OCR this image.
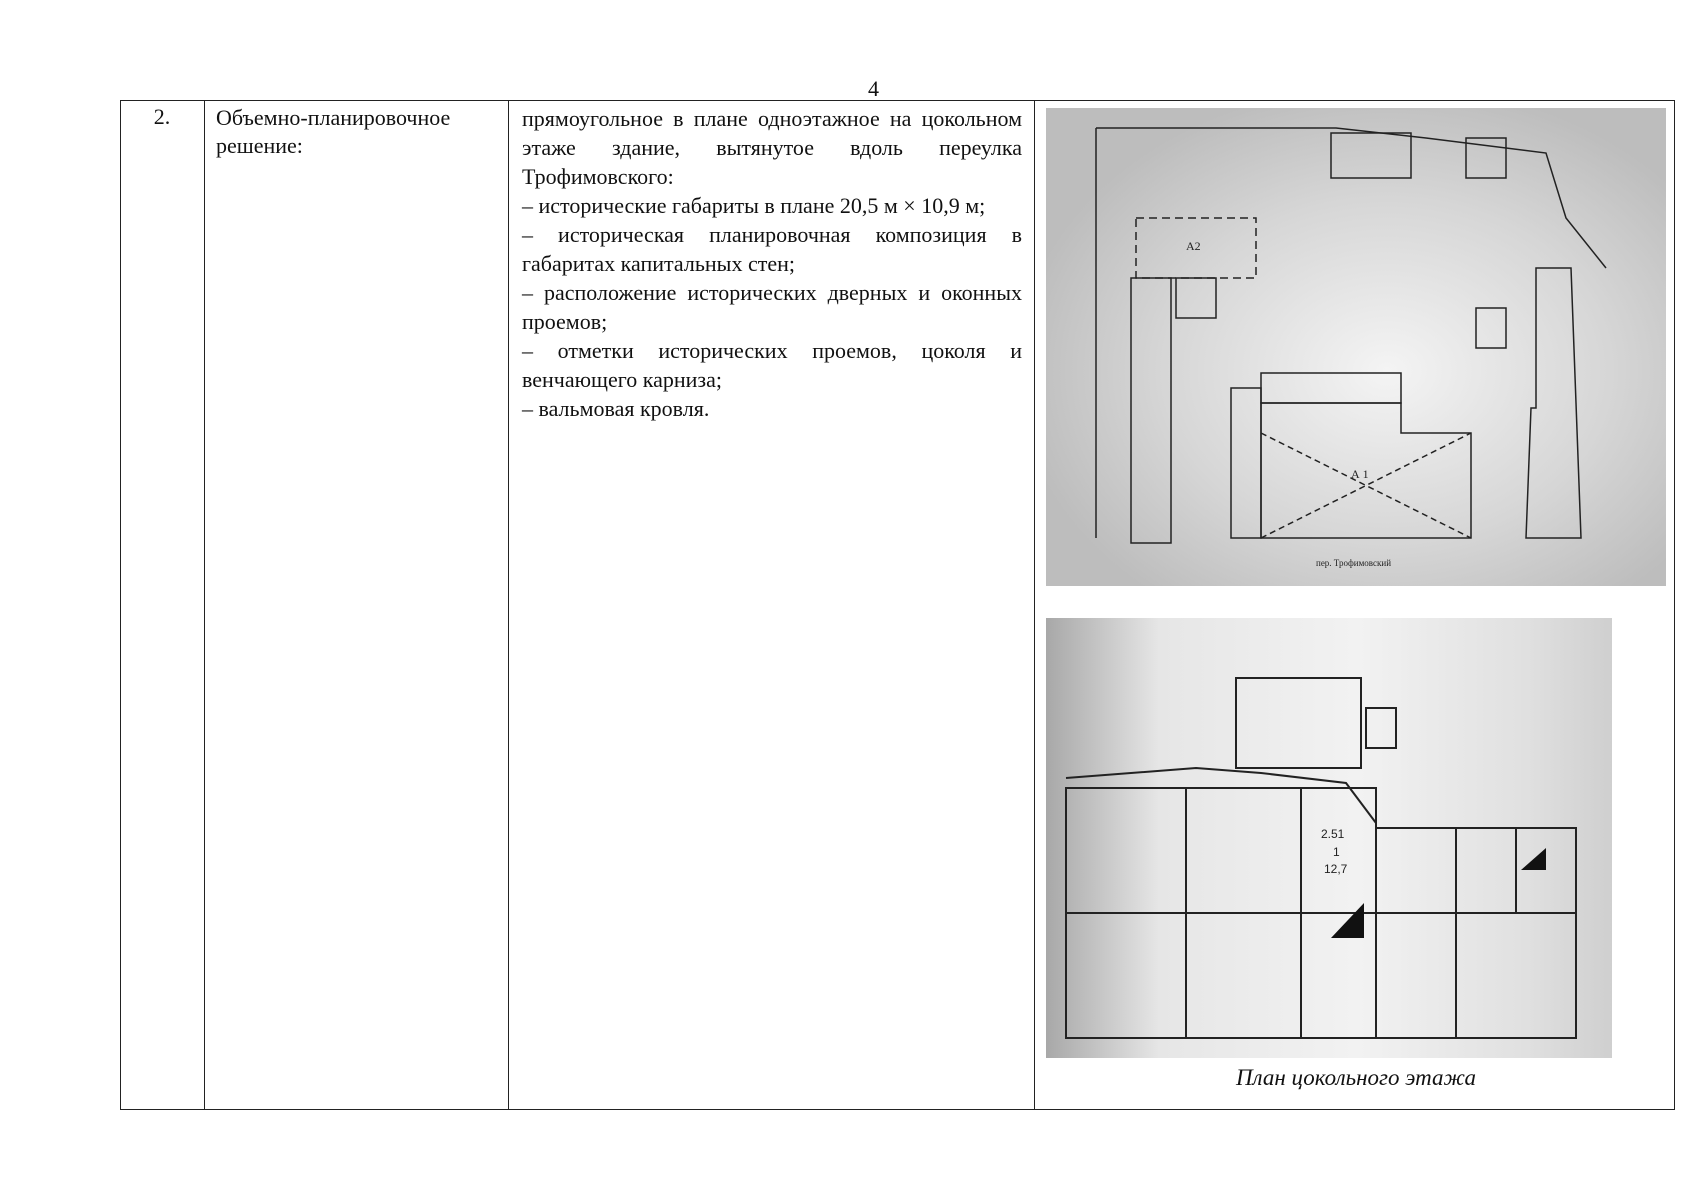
4
2.	Объемно-планировочное решение:

прямоугольное в плане одноэтажное на цокольном этаже здание, вытянутое вдоль переулка Трофимовского:

– исторические габариты в плане 20,5 м × 10,9 м;

– историческая планировочная композиция в габаритах капитальных стен;

– расположение исторических дверных и оконных проемов;

– отметки исторических проемов, цоколя и венчающего карниза;

– вальмовая кровля.

А 1
А2
пер. Трофимовский
2.51
1
12,7
План цокольного этажа
